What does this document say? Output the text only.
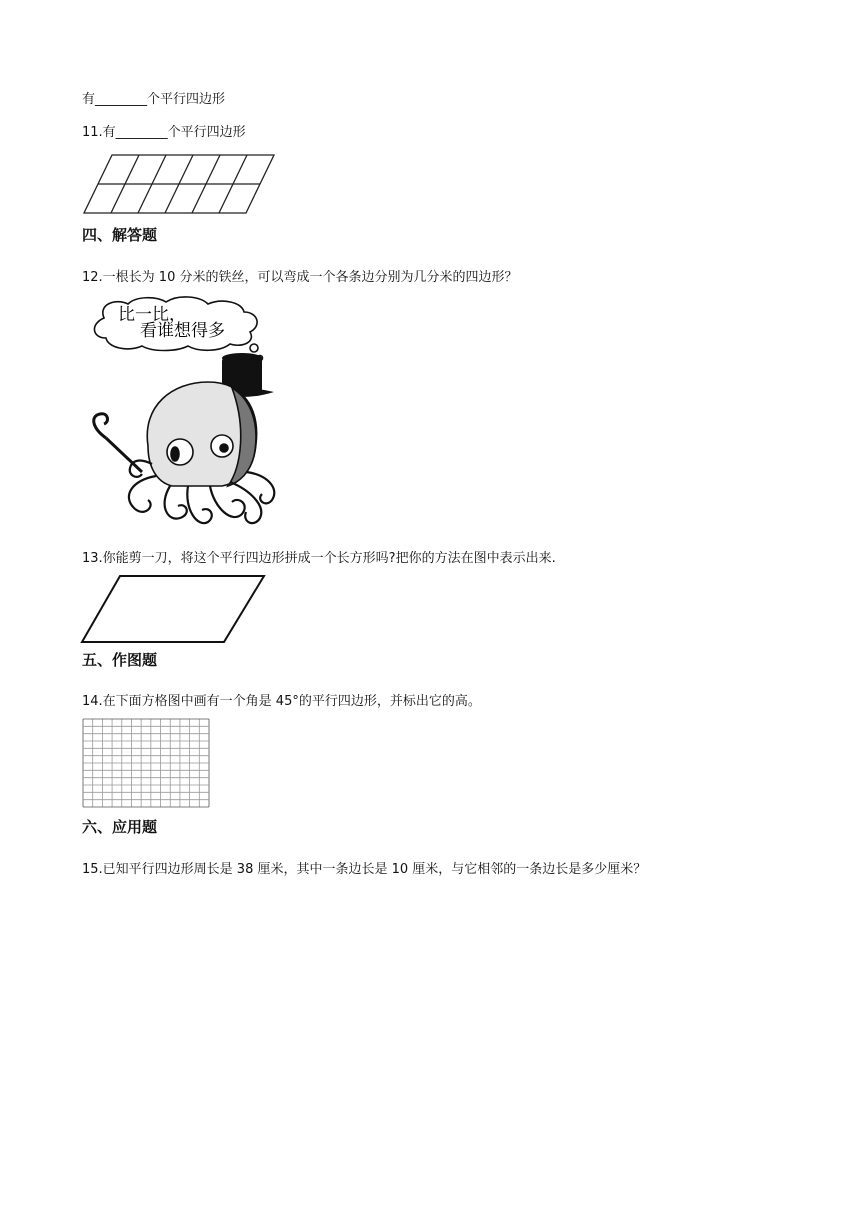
有________个平行四边形
11.有________个平行四边形
四、解答题
12.一根长为 10 分米的铁丝，可以弯成一个各条边分别为几分米的四边形？
比一比，
看谁想得多
13.你能剪一刀，将这个平行四边形拼成一个长方形吗?把你的方法在图中表示出来.
五、作图题
14.在下面方格图中画有一个角是 45°的平行四边形，并标出它的高。
六、应用题
15.已知平行四边形周长是 38 厘米，其中一条边长是 10 厘米，与它相邻的一条边长是多少厘米？
